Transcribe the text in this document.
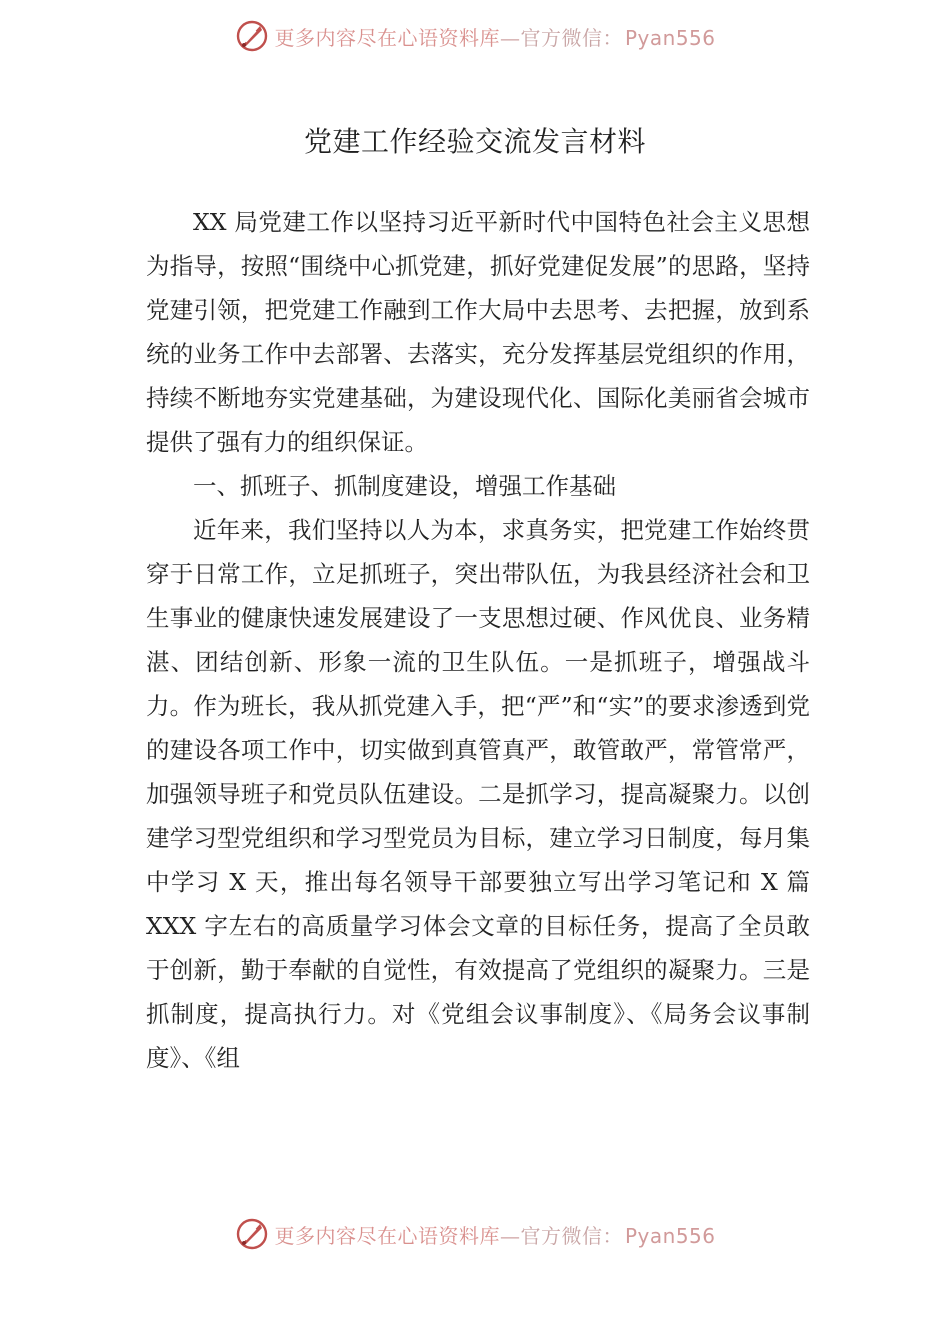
更多内容尽在心语资料库—官方微信： Pyan556
党建工作经验交流发言材料

XX 局党建工作以坚持习近平新时代中国特色社会主义思想为指导，按照“围绕中心抓党建，抓好党建促发展”的思路，坚持党建引领，把党建工作融到工作大局中去思考、去把握，放到系统的业务工作中去部署、去落实，充分发挥基层党组织的作用，持续不断地夯实党建基础，为建设现代化、国际化美丽省会城市提供了强有力的组织保证。

一、抓班子、抓制度建设，增强工作基础

近年来，我们坚持以人为本，求真务实，把党建工作始终贯穿于日常工作，立足抓班子，突出带队伍，为我县经济社会和卫生事业的健康快速发展建设了一支思想过硬、作风优良、业务精湛、团结创新、形象一流的卫生队伍。一是抓班子，增强战斗力。作为班长，我从抓党建入手，把“严”和“实”的要求渗透到党的建设各项工作中，切实做到真管真严，敢管敢严，常管常严，加强领导班子和党员队伍建设。二是抓学习，提高凝聚力。以创建学习型党组织和学习型党员为目标，建立学习日制度，每月集中学习 X 天，推出每名领导干部要独立写出学习笔记和 X 篇 XXX 字左右的高质量学习体会文章的目标任务，提高了全员敢于创新，勤于奉献的自觉性，有效提高了党组织的凝聚力。三是抓制度，提高执行力。对《党组会议事制度》、《局务会议事制度》、《组

更多内容尽在心语资料库—官方微信： Pyan556
